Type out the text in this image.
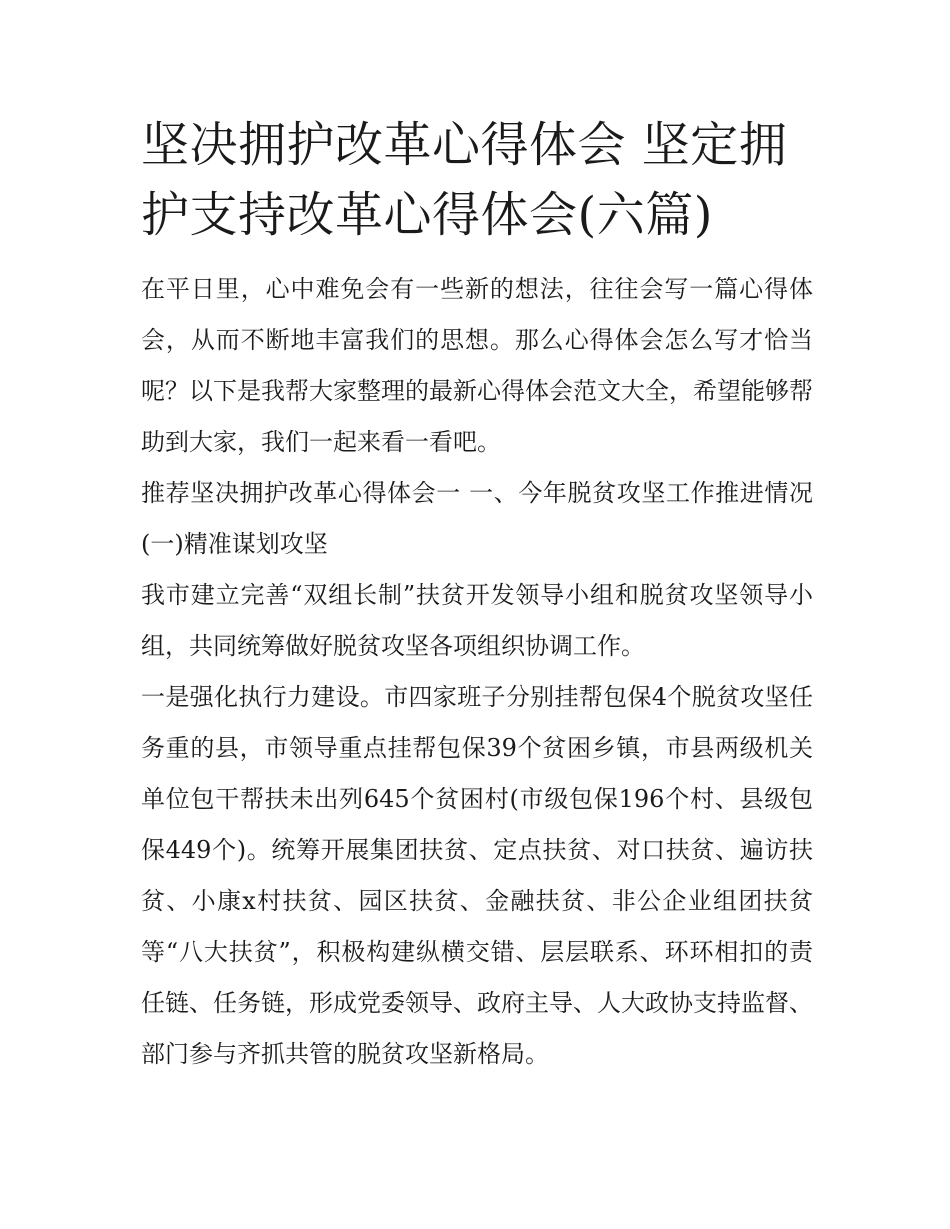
坚决拥护改革心得体会 坚定拥护支持改革心得体会(六篇)

在平日里，心中难免会有一些新的想法，往往会写一篇心得体会，从而不断地丰富我们的思想。那么心得体会怎么写才恰当呢？以下是我帮大家整理的最新心得体会范文大全，希望能够帮助到大家，我们一起来看一看吧。

推荐坚决拥护改革心得体会一 一、今年脱贫攻坚工作推进情况 (一)精准谋划攻坚

我市建立完善“双组长制”扶贫开发领导小组和脱贫攻坚领导小组，共同统筹做好脱贫攻坚各项组织协调工作。

一是强化执行力建设。市四家班子分别挂帮包保4个脱贫攻坚任务重的县，市领导重点挂帮包保39个贫困乡镇，市县两级机关单位包干帮扶未出列645个贫困村(市级包保196个村、县级包保449个)。统筹开展集团扶贫、定点扶贫、对口扶贫、遍访扶贫、小康x村扶贫、园区扶贫、金融扶贫、非公企业组团扶贫等“八大扶贫”，积极构建纵横交错、层层联系、环环相扣的责任链、任务链，形成党委领导、政府主导、人大政协支持监督、部门参与齐抓共管的脱贫攻坚新格局。
